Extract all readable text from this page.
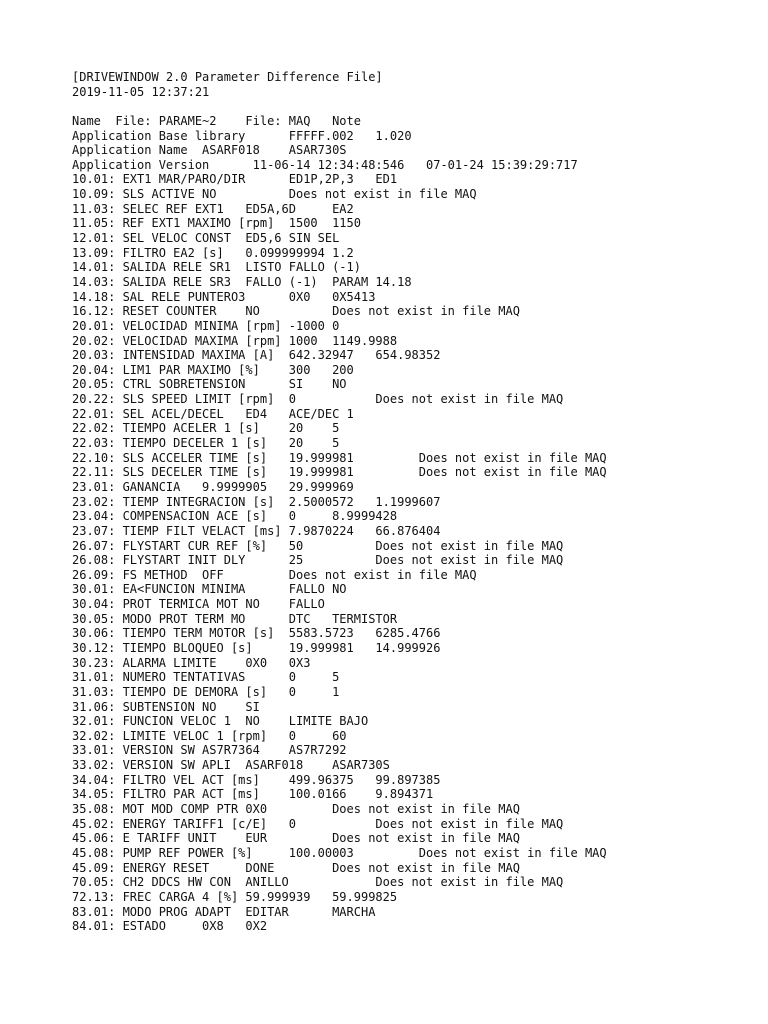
[DRIVEWINDOW 2.0 Parameter Difference File]
2019-11-05 12:37:21
Name  File: PARAME~2    File: MAQ   Note
Application Base library      FFFFF.002   1.020
Application Name  ASARF018    ASAR730S
Application Version      11-06-14 12:34:48:546   07-01-24 15:39:29:717
10.01: EXT1 MAR/PARO/DIR      ED1P,2P,3   ED1
10.09: SLS ACTIVE NO          Does not exist in file MAQ
11.03: SELEC REF EXT1   ED5A,6D     EA2
11.05: REF EXT1 MAXIMO [rpm]  1500  1150
12.01: SEL VELOC CONST  ED5,6 SIN SEL
13.09: FILTRO EA2 [s]   0.099999994 1.2
14.01: SALIDA RELE SR1  LISTO FALLO (-1)
14.03: SALIDA RELE SR3  FALLO (-1)  PARAM 14.18
14.18: SAL RELE PUNTERO3      0X0   0X5413
16.12: RESET COUNTER    NO          Does not exist in file MAQ
20.01: VELOCIDAD MINIMA [rpm] -1000 0
20.02: VELOCIDAD MAXIMA [rpm] 1000  1149.9988
20.03: INTENSIDAD MAXIMA [A]  642.32947   654.98352
20.04: LIM1 PAR MAXIMO [%]    300   200
20.05: CTRL SOBRETENSION      SI    NO
20.22: SLS SPEED LIMIT [rpm]  0           Does not exist in file MAQ
22.01: SEL ACEL/DECEL   ED4   ACE/DEC 1
22.02: TIEMPO ACELER 1 [s]    20    5
22.03: TIEMPO DECELER 1 [s]   20    5
22.10: SLS ACCELER TIME [s]   19.999981         Does not exist in file MAQ
22.11: SLS DECELER TIME [s]   19.999981         Does not exist in file MAQ
23.01: GANANCIA   9.9999905   29.999969
23.02: TIEMP INTEGRACION [s]  2.5000572   1.1999607
23.04: COMPENSACION ACE [s]   0     8.9999428
23.07: TIEMP FILT VELACT [ms] 7.9870224   66.876404
26.07: FLYSTART CUR REF [%]   50          Does not exist in file MAQ
26.08: FLYSTART INIT DLY      25          Does not exist in file MAQ
26.09: FS METHOD  OFF         Does not exist in file MAQ
30.01: EA<FUNCION MINIMA      FALLO NO
30.04: PROT TERMICA MOT NO    FALLO
30.05: MODO PROT TERM MO      DTC   TERMISTOR
30.06: TIEMPO TERM MOTOR [s]  5583.5723   6285.4766
30.12: TIEMPO BLOQUEO [s]     19.999981   14.999926
30.23: ALARMA LIMITE    0X0   0X3
31.01: NUMERO TENTATIVAS      0     5
31.03: TIEMPO DE DEMORA [s]   0     1
31.06: SUBTENSION NO    SI
32.01: FUNCION VELOC 1  NO    LIMITE BAJO
32.02: LIMITE VELOC 1 [rpm]   0     60
33.01: VERSION SW AS7R7364    AS7R7292
33.02: VERSION SW APLI  ASARF018    ASAR730S
34.04: FILTRO VEL ACT [ms]    499.96375   99.897385
34.05: FILTRO PAR ACT [ms]    100.0166    9.894371
35.08: MOT MOD COMP PTR 0X0         Does not exist in file MAQ
45.02: ENERGY TARIFF1 [c/E]   0           Does not exist in file MAQ
45.06: E TARIFF UNIT    EUR         Does not exist in file MAQ
45.08: PUMP REF POWER [%]     100.00003         Does not exist in file MAQ
45.09: ENERGY RESET     DONE        Does not exist in file MAQ
70.05: CH2 DDCS HW CON  ANILLO            Does not exist in file MAQ
72.13: FREC CARGA 4 [%] 59.999939   59.999825
83.01: MODO PROG ADAPT  EDITAR      MARCHA
84.01: ESTADO     0X8   0X2
